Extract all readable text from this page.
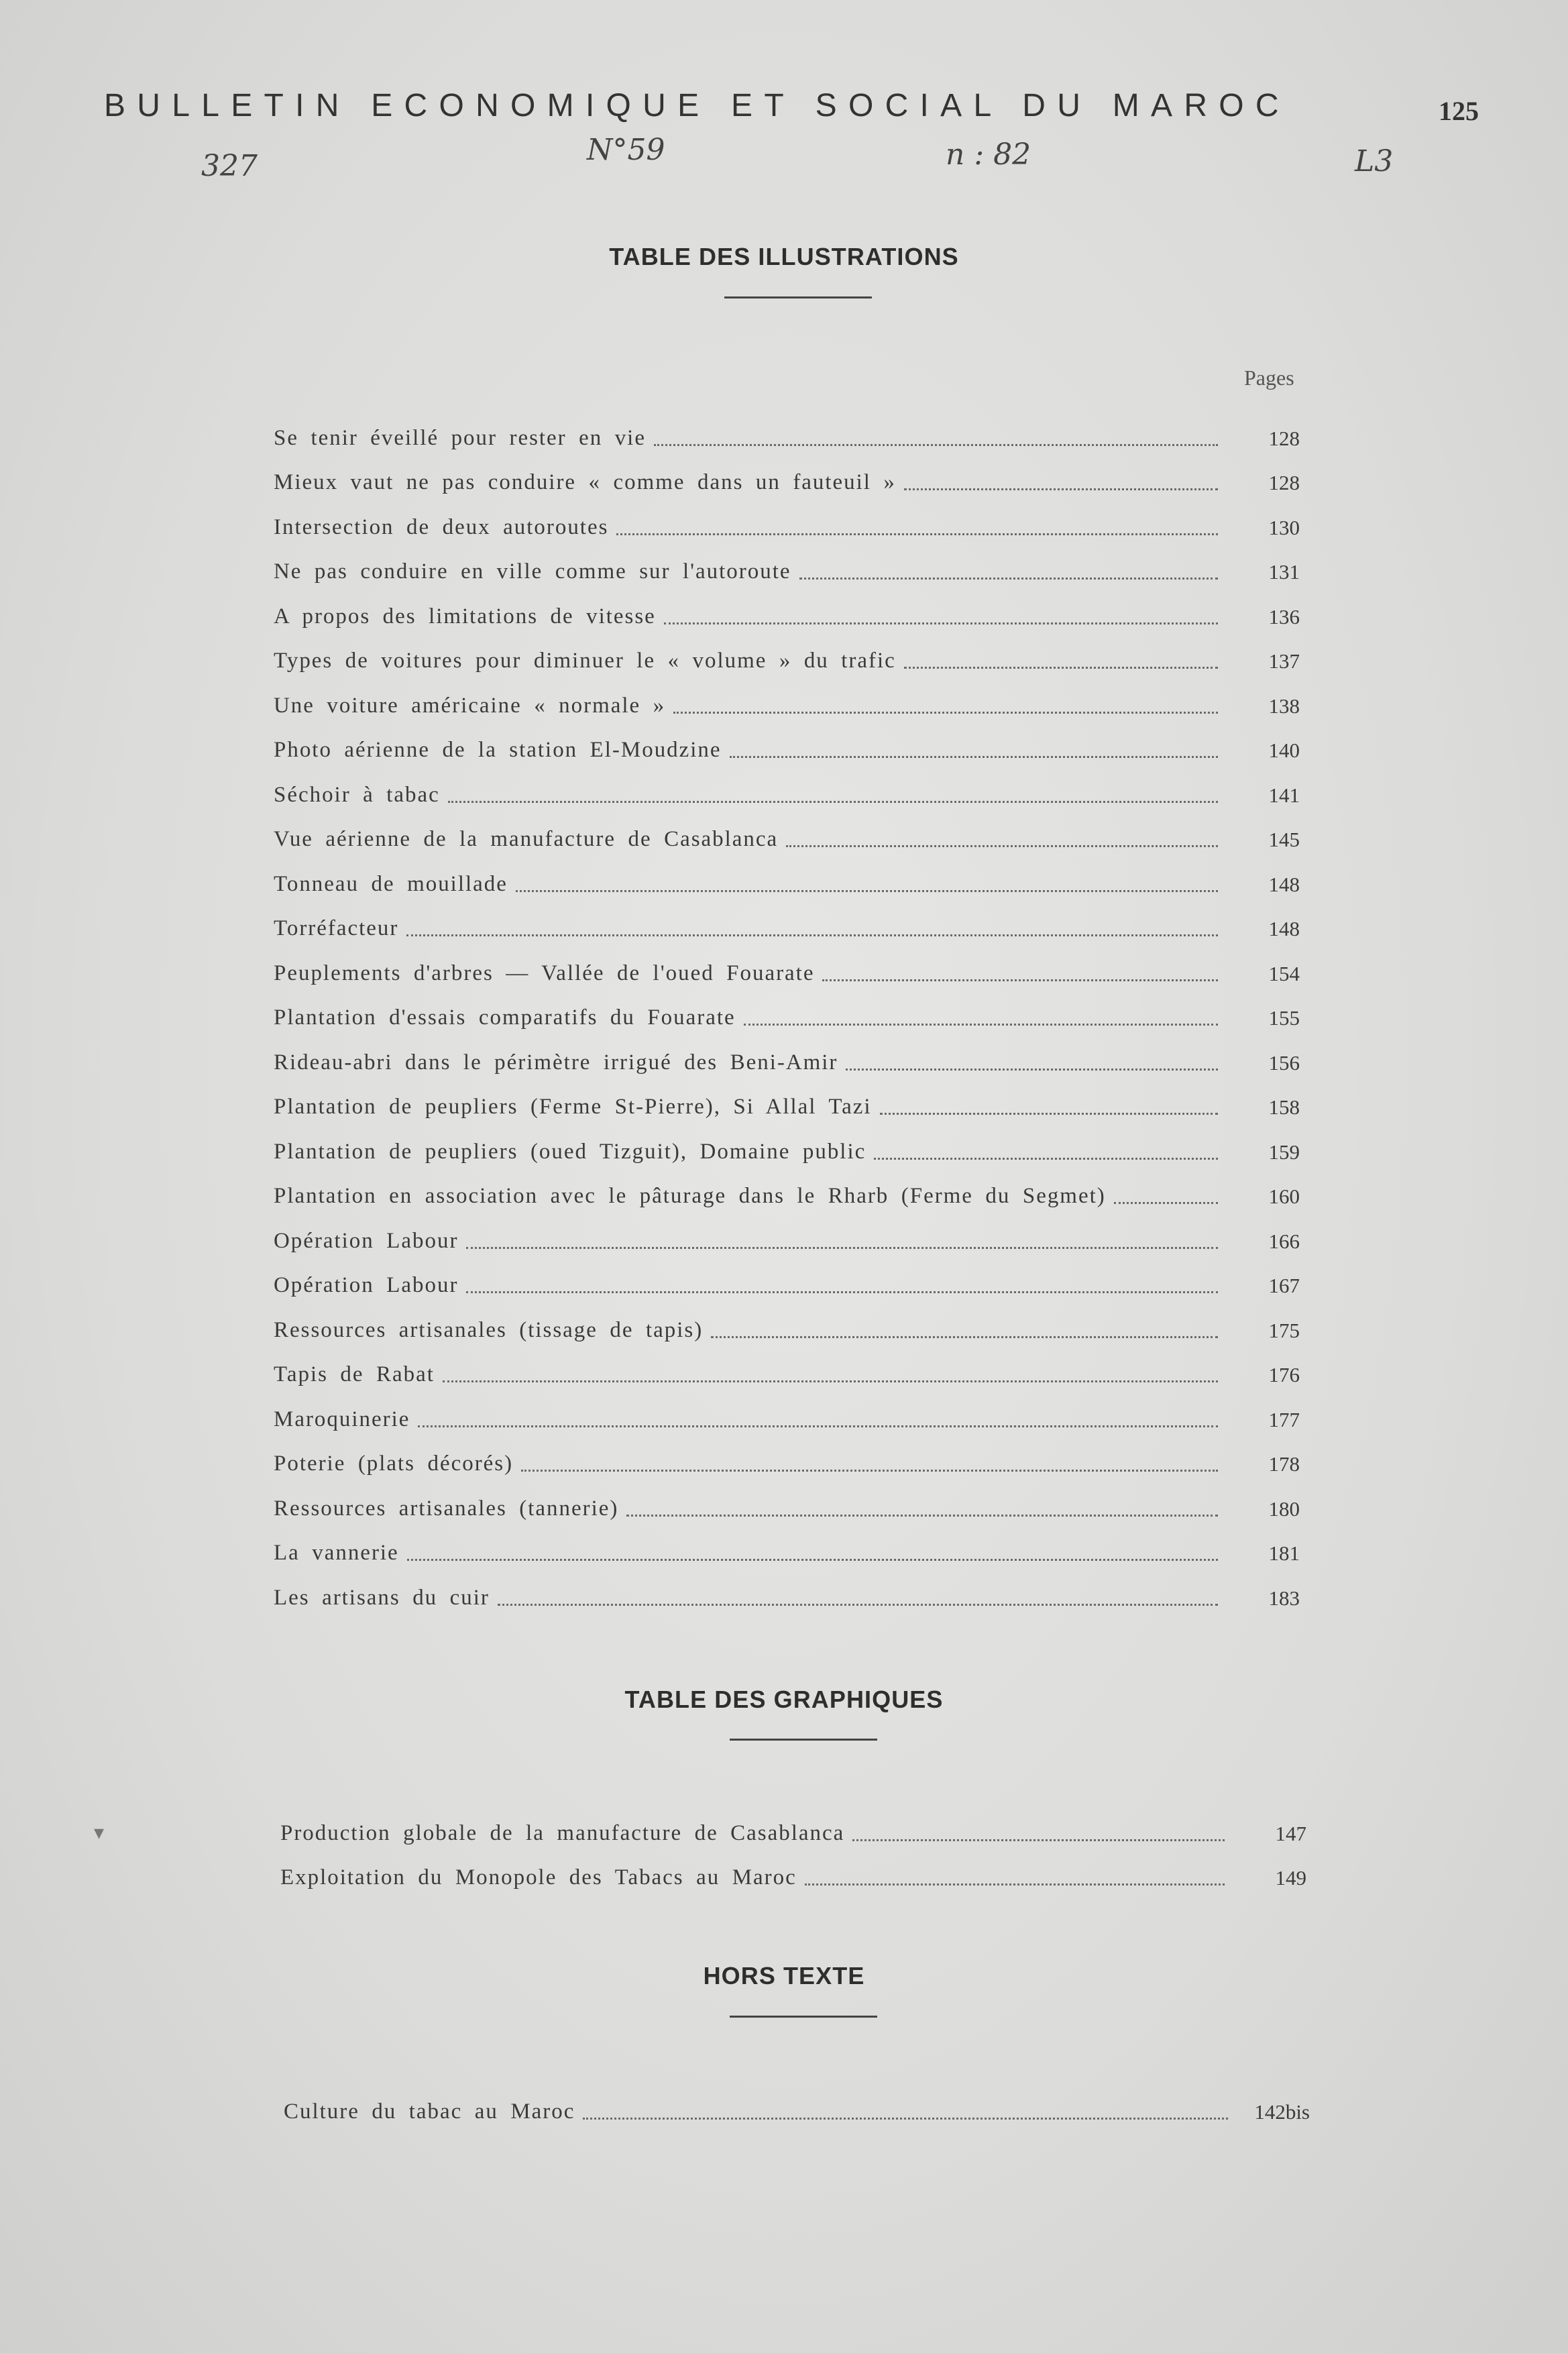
BULLETIN ECONOMIQUE ET SOCIAL DU MAROC	125
327	N°59	n : 82	L3
TABLE DES ILLUSTRATIONS
Pages
Se tenir éveillé pour rester en vie	128
Mieux vaut ne pas conduire « comme dans un fauteuil »	128
Intersection de deux autoroutes	130
Ne pas conduire en ville comme sur l'autoroute	131
A propos des limitations de vitesse	136
Types de voitures pour diminuer le « volume » du trafic	137
Une voiture américaine « normale »	138
Photo aérienne de la station El-Moudzine	140
Séchoir à tabac	141
Vue aérienne de la manufacture de Casablanca	145
Tonneau de mouillade	148
Torréfacteur	148
Peuplements d'arbres — Vallée de l'oued Fouarate	154
Plantation d'essais comparatifs du Fouarate	155
Rideau-abri dans le périmètre irrigué des Beni-Amir	156
Plantation de peupliers (Ferme St-Pierre), Si Allal Tazi	158
Plantation de peupliers (oued Tizguit), Domaine public	159
Plantation en association avec le pâturage dans le Rharb (Ferme du Segmet)	160
Opération Labour	166
Opération Labour	167
Ressources artisanales (tissage de tapis)	175
Tapis de Rabat	176
Maroquinerie	177
Poterie (plats décorés)	178
Ressources artisanales (tannerie)	180
La vannerie	181
Les artisans du cuir	183
TABLE DES GRAPHIQUES
Production globale de la manufacture de Casablanca	147
Exploitation du Monopole des Tabacs au Maroc	149
HORS TEXTE
Culture du tabac au Maroc	142bis
▾
